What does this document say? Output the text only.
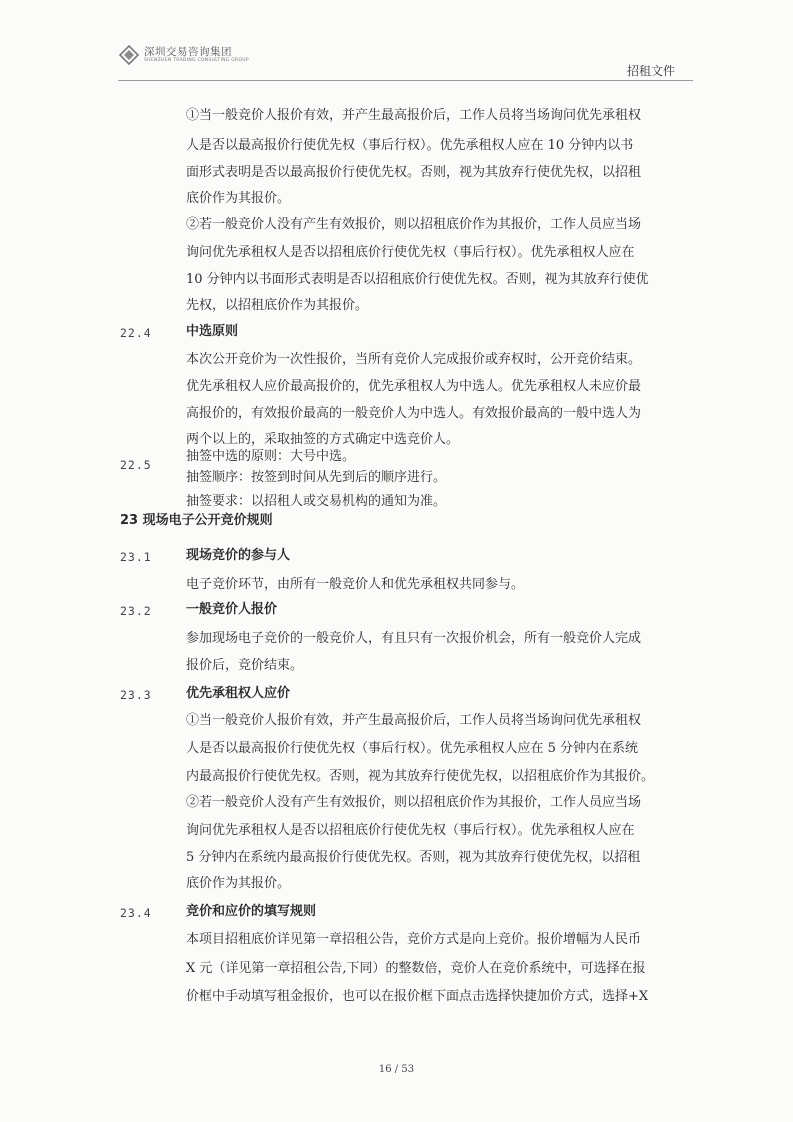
深圳交易咨询集团
SHENZHEN TRADING CONSULTING GROUP
招租文件
①当一般竞价人报价有效，并产生最高报价后，工作人员将当场询问优先承租权
人是否以最高报价行使优先权（事后行权）。优先承租权人应在 10 分钟内以书
面形式表明是否以最高报价行使优先权。否则，视为其放弃行使优先权，以招租
底价作为其报价。
②若一般竞价人没有产生有效报价，则以招租底价作为其报价，工作人员应当场
询问优先承租权人是否以招租底价行使优先权（事后行权）。优先承租权人应在
10 分钟内以书面形式表明是否以招租底价行使优先权。否则，视为其放弃行使优
先权，以招租底价作为其报价。
22.4	中选原则
本次公开竞价为一次性报价，当所有竞价人完成报价或弃权时，公开竞价结束。
优先承租权人应价最高报价的，优先承租权人为中选人。优先承租权人未应价最
高报价的，有效报价最高的一般竞价人为中选人。有效报价最高的一般中选人为
两个以上的，采取抽签的方式确定中选竞价人。
22.5
抽签中选的原则：大号中选。
抽签顺序：按签到时间从先到后的顺序进行。
抽签要求：以招租人或交易机构的通知为准。
23 现场电子公开竞价规则
23.1	现场竞价的参与人
电子竞价环节，由所有一般竞价人和优先承租权共同参与。
23.2	一般竞价人报价
参加现场电子竞价的一般竞价人，有且只有一次报价机会，所有一般竞价人完成
报价后，竞价结束。
23.3	优先承租权人应价
①当一般竞价人报价有效，并产生最高报价后，工作人员将当场询问优先承租权
人是否以最高报价行使优先权（事后行权）。优先承租权人应在 5 分钟内在系统
内最高报价行使优先权。否则，视为其放弃行使优先权，以招租底价作为其报价。
②若一般竞价人没有产生有效报价，则以招租底价作为其报价，工作人员应当场
询问优先承租权人是否以招租底价行使优先权（事后行权）。优先承租权人应在
5 分钟内在系统内最高报价行使优先权。否则，视为其放弃行使优先权，以招租
底价作为其报价。
23.4	竞价和应价的填写规则
本项目招租底价详见第一章招租公告，竞价方式是向上竞价。报价增幅为人民币
X 元（详见第一章招租公告,下同）的整数倍，竞价人在竞价系统中，可选择在报
价框中手动填写租金报价，也可以在报价框下面点击选择快捷加价方式，选择+X
16 / 53
